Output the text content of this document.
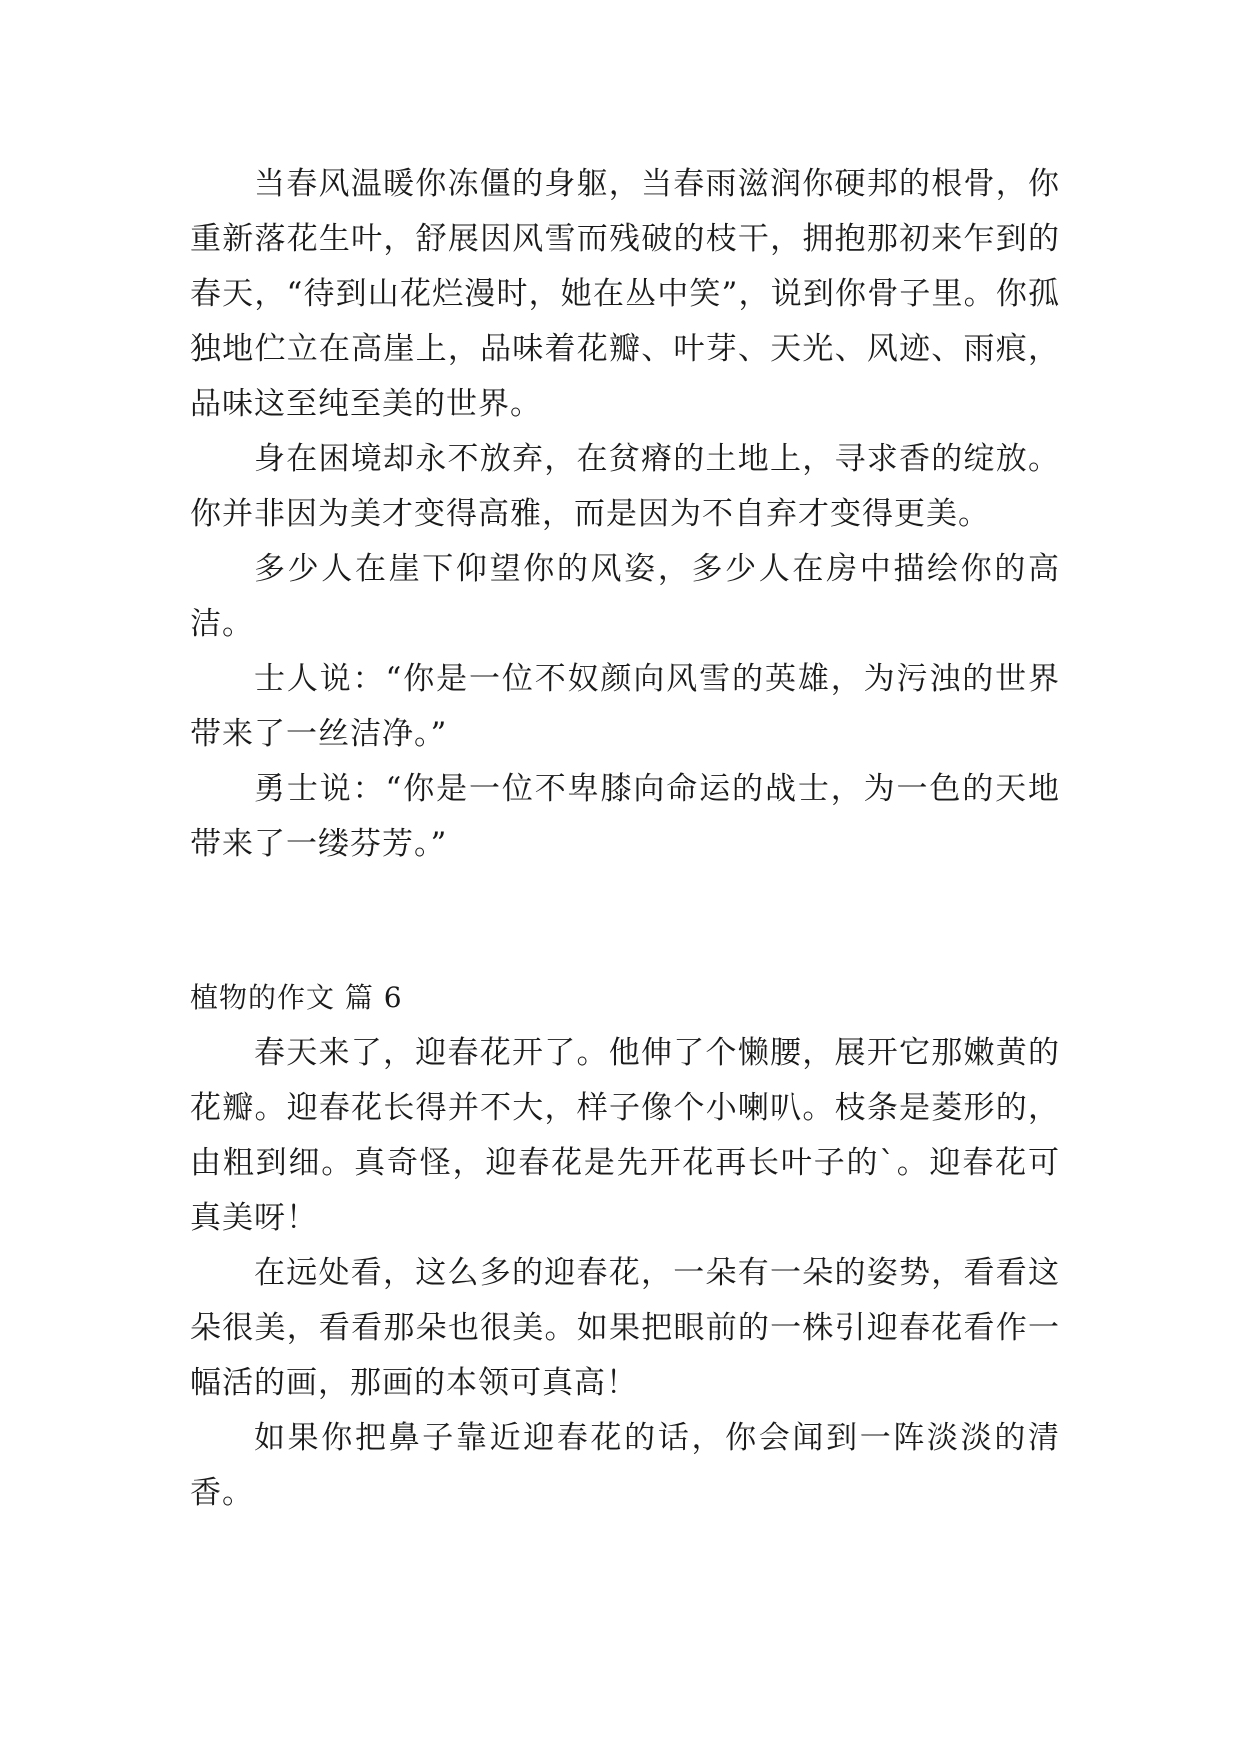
当春风温暖你冻僵的身躯，当春雨滋润你硬邦的根骨，你重新落花生叶，舒展因风雪而残破的枝干，拥抱那初来乍到的春天，“待到山花烂漫时，她在丛中笑”，说到你骨子里。你孤独地伫立在高崖上，品味着花瓣、叶芽、天光、风迹、雨痕，品味这至纯至美的世界。

身在困境却永不放弃，在贫瘠的土地上，寻求香的绽放。你并非因为美才变得高雅，而是因为不自弃才变得更美。

多少人在崖下仰望你的风姿，多少人在房中描绘你的高洁。

士人说：“你是一位不奴颜向风雪的英雄，为污浊的世界带来了一丝洁净。”

勇士说：“你是一位不卑膝向命运的战士，为一色的天地带来了一缕芬芳。”

植物的作文 篇 6

春天来了，迎春花开了。他伸了个懒腰，展开它那嫩黄的花瓣。迎春花长得并不大，样子像个小喇叭。枝条是菱形的，由粗到细。真奇怪，迎春花是先开花再长叶子的`。迎春花可真美呀！

在远处看，这么多的迎春花，一朵有一朵的姿势，看看这朵很美，看看那朵也很美。如果把眼前的一株引迎春花看作一幅活的画，那画的本领可真高！

如果你把鼻子靠近迎春花的话，你会闻到一阵淡淡的清香。
